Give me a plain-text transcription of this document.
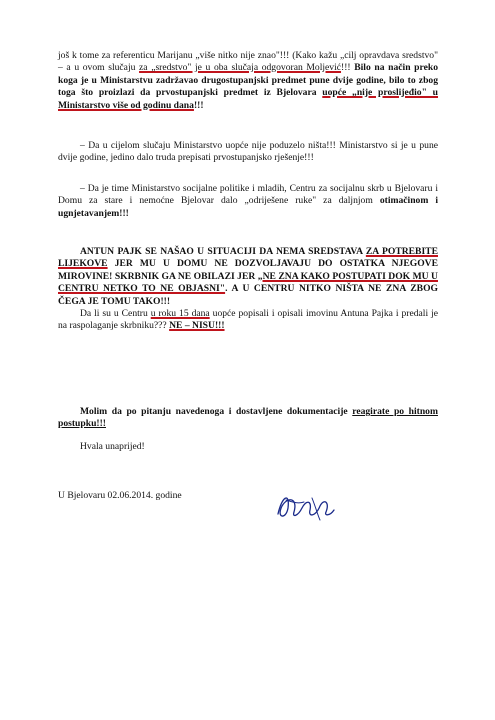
još k tome za referenticu Marijanu „više nitko nije znao"!!! (Kako kažu „cilj opravdava sredstvo" – a u ovom slučaju za „sredstvo" je u oba slučaja odgovoran Moljević!!! Bilo na način preko koga je u Ministarstvu zadržavao drugostupanjski predmet pune dvije godine, bilo to zbog toga što proizlazi da prvostupanjski predmet iz Bjelovara uopće „nije proslijeđio" u Ministarstvo više od godinu dana!!!
– Da u cijelom slučaju Ministarstvo uopće nije poduzelo ništa!!! Ministarstvo si je u pune dvije godine, jedino dalo truda prepisati prvostupanjsko rješenje!!!
– Da je time Ministarstvo socijalne politike i mladih, Centru za socijalnu skrb u Bjelovaru i Domu za stare i nemoćne Bjelovar dalo „odriješene ruke" za daljnjom otimačinom i ugnjetavanjem!!!
ANTUN PAJK SE NAŠAO U SITUACIJI DA NEMA SREDSTAVA ZA POTREBITE LIJEKOVE JER MU U DOMU NE DOZVOLJAVAJU DO OSTATKA NJEGOVE MIROVINE! SKRBNIK GA NE OBILAZI JER „NE ZNA KAKO POSTUPATI DOK MU U CENTRU NETKO TO NE OBJASNI". A U CENTRU NITKO NIŠTA NE ZNA ZBOG ČEGA JE TOMU TAKO!!!
Da li su u Centru u roku 15 dana uopće popisali i opisali imovinu Antuna Pajka i predali je na raspolaganje skrbniku??? NE – NISU!!!
Molim da po pitanju navedenoga i dostavljene dokumentacije reagirate po hitnom postupku!!!
Hvala unaprijed!
U Bjelovaru 02.06.2014. godine
